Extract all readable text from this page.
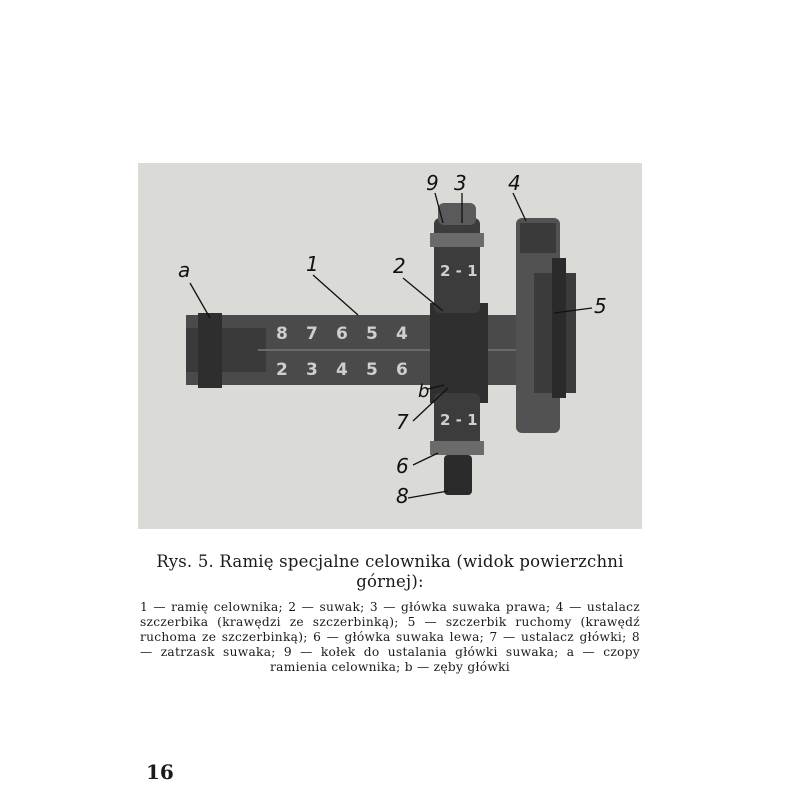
8 7 6 5 4
2 3 4 5 6
2 - 1
2 - 1
a	1	2
9 3 4
5
b
7
6
8
Rys. 5. Ramię specjalne celownika (widok powierzchni górnej):
1 — ramię celownika; 2 — suwak; 3 — główka suwaka prawa; 4 — ustalacz szczerbika (krawędzi ze szczerbinką); 5 — szczerbik ruchomy (krawędź ruchoma ze szczerbinką); 6 — główka suwaka lewa; 7 — ustalacz główki; 8 — zatrzask suwaka; 9 — kołek do ustalania główki suwaka; a — czopy ramienia celownika; b — zęby główki
16
